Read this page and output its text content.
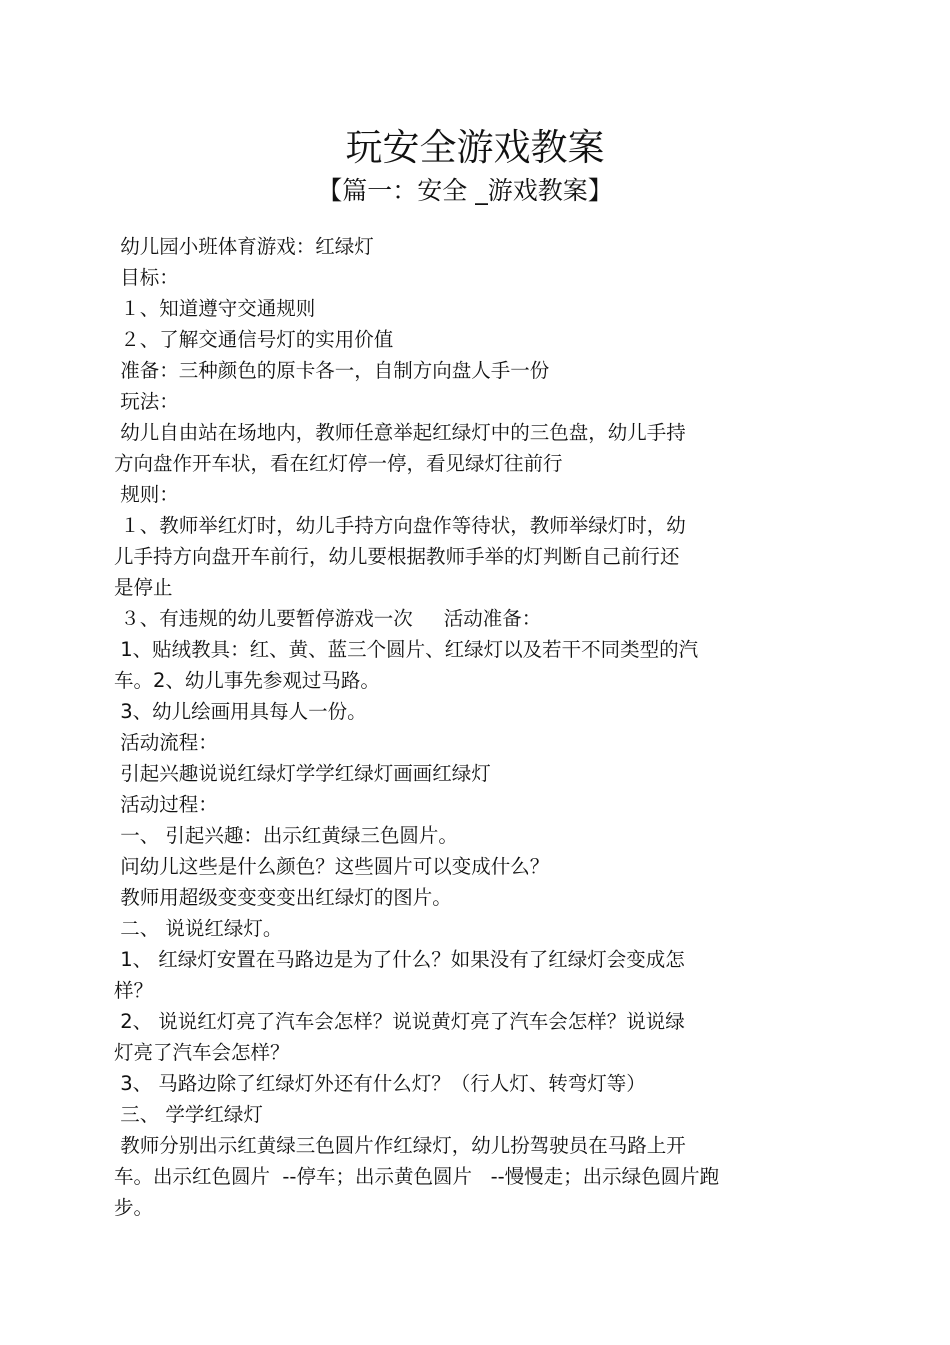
玩安全游戏教案
【篇一：安全 _游戏教案】
幼儿园小班体育游戏：红绿灯
目标：
１、知道遵守交通规则
２、了解交通信号灯的实用价值
准备：三种颜色的原卡各一，自制方向盘人手一份
玩法：
幼儿自由站在场地内，教师任意举起红绿灯中的三色盘，幼儿手持
方向盘作开车状，看在红灯停一停，看见绿灯往前行
规则：
１、教师举红灯时，幼儿手持方向盘作等待状，教师举绿灯时，幼
儿手持方向盘开车前行，幼儿要根据教师手举的灯判断自己前行还
是停止
３、有违规的幼儿要暂停游戏一次     活动准备：
1、贴绒教具：红、黄、蓝三个圆片、红绿灯以及若干不同类型的汽
车。2、幼儿事先参观过马路。
3、幼儿绘画用具每人一份。
活动流程：
引起兴趣说说红绿灯学学红绿灯画画红绿灯
活动过程：
一、 引起兴趣：出示红黄绿三色圆片。
问幼儿这些是什么颜色？这些圆片可以变成什么？
教师用超级变变变变出红绿灯的图片。
二、 说说红绿灯。
1、 红绿灯安置在马路边是为了什么？如果没有了红绿灯会变成怎
样？
2、 说说红灯亮了汽车会怎样？说说黄灯亮了汽车会怎样？说说绿
灯亮了汽车会怎样？
3、 马路边除了红绿灯外还有什么灯？（行人灯、转弯灯等）
三、 学学红绿灯
教师分别出示红黄绿三色圆片作红绿灯，幼儿扮驾驶员在马路上开
车。出示红色圆片  --停车；出示黄色圆片   --慢慢走；出示绿色圆片跑
步。
